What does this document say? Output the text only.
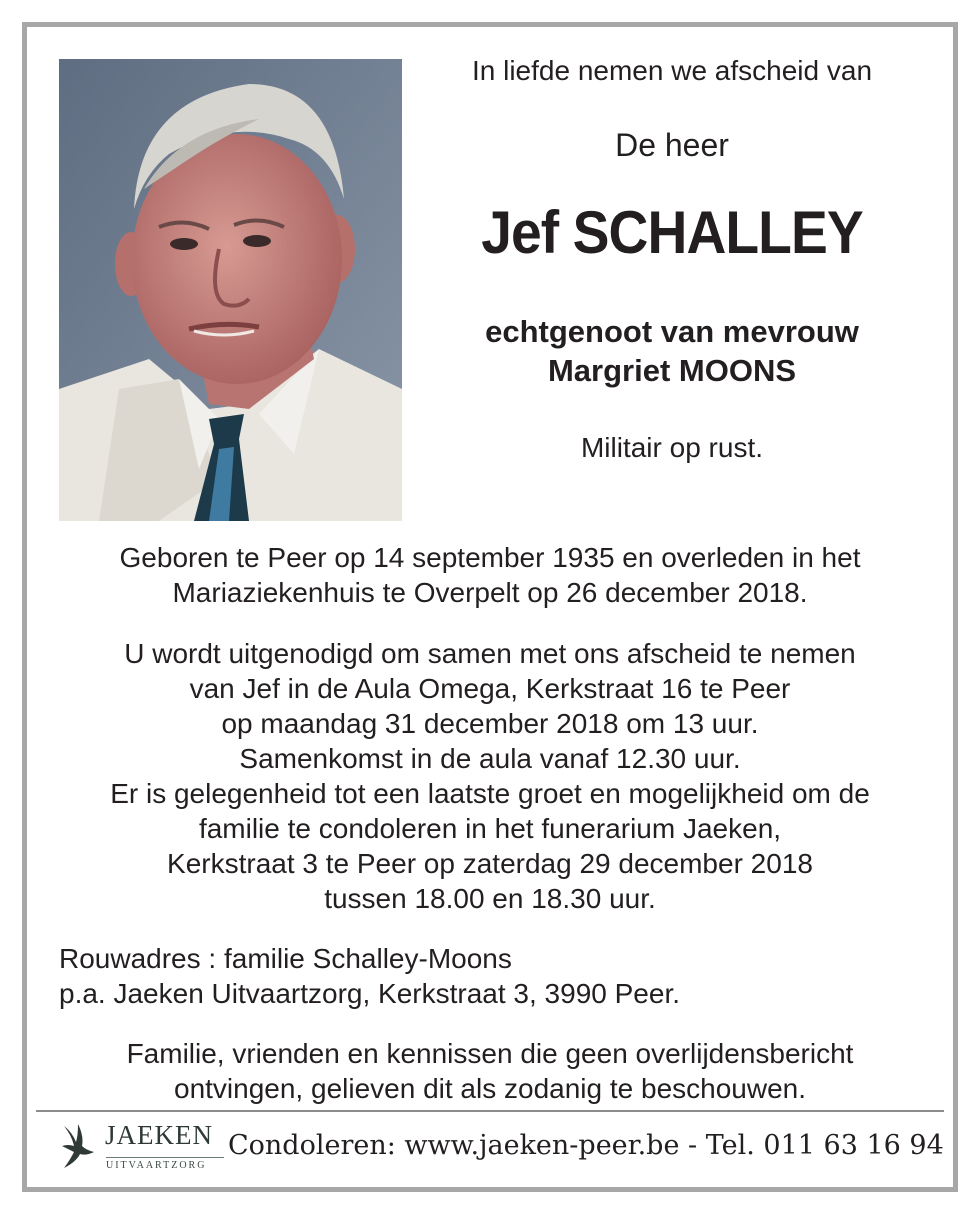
In liefde nemen we afscheid van
De heer
Jef SCHALLEY
echtgenoot van mevrouw
Margriet MOONS
Militair op rust.
Geboren te Peer op 14 september 1935 en overleden in het
Mariaziekenhuis te Overpelt op 26 december 2018.
U wordt uitgenodigd om samen met ons afscheid te nemen
van Jef in de Aula Omega, Kerkstraat 16 te Peer
op maandag 31 december 2018 om 13 uur.
Samenkomst in de aula vanaf 12.30 uur.
Er is gelegenheid tot een laatste groet en mogelijkheid om de
familie te condoleren in het funerarium Jaeken,
Kerkstraat 3 te Peer op zaterdag 29 december 2018
tussen 18.00 en 18.30 uur.
Rouwadres : familie Schalley-Moons
p.a. Jaeken Uitvaartzorg, Kerkstraat 3, 3990 Peer.
Familie, vrienden en kennissen die geen overlijdensbericht
ontvingen, gelieven dit als zodanig te beschouwen.
JAEKEN
UITVAARTZORG
Condoleren: www.jaeken-peer.be - Tel. 011 63 16 94
